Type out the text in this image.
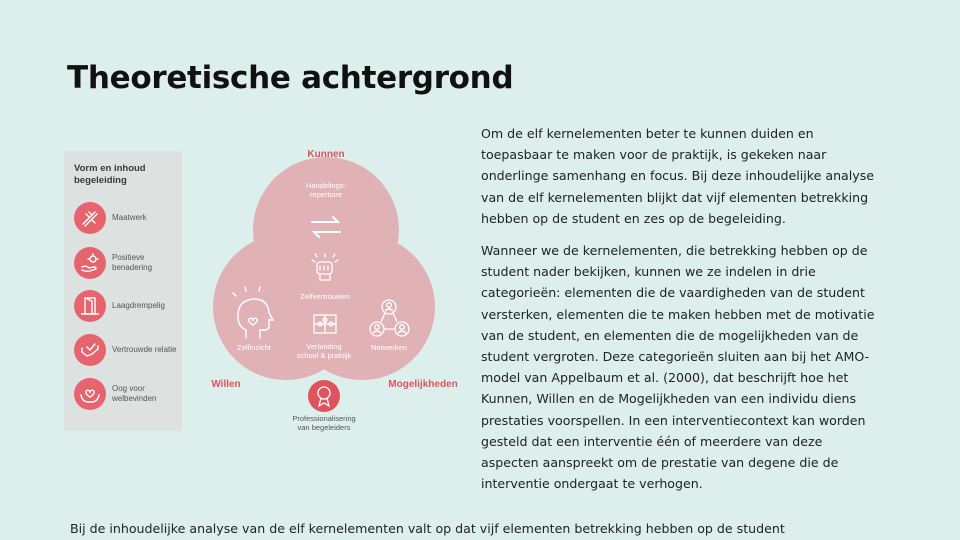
Theoretische achtergrond
Vorm en inhoud begeleiding
Maatwerk
Positieve benadering
Laagdrempelig
Vertrouwde relatie
Oog voor welbevinden
Kunnen
Willen	Mogelijkheden
Handelings-
repertoire
Zelfvertrouwen
Zelfinzicht	Netwerken
Verbinding
school & praktijk
Professionalisering
van begeleiders

Om de elf kernelementen beter te kunnen duiden en toepasbaar te maken voor de praktijk, is gekeken naar onderlinge samenhang en focus. Bij deze inhoudelijke analyse van de elf kernelementen blijkt dat vijf elementen betrekking hebben op de student en zes op de begeleiding.

Wanneer we de kernelementen, die betrekking hebben op de student nader bekijken, kunnen we ze indelen in drie categorieën: elementen die de vaardigheden van de student versterken, elementen die te maken hebben met de motivatie van de student, en elementen die de mogelijkheden van de student vergroten. Deze categorieën sluiten aan bij het AMO-model van Appelbaum et al. (2000), dat beschrijft hoe het Kunnen, Willen en de Mogelijkheden van een individu diens prestaties voorspellen. In een interventiecontext kan worden gesteld dat een interventie één of meerdere van deze aspecten aanspreekt om de prestatie van degene die de interventie ondergaat te verhogen.

Bij de inhoudelijke analyse van de elf kernelementen valt op dat vijf elementen betrekking hebben op de student
